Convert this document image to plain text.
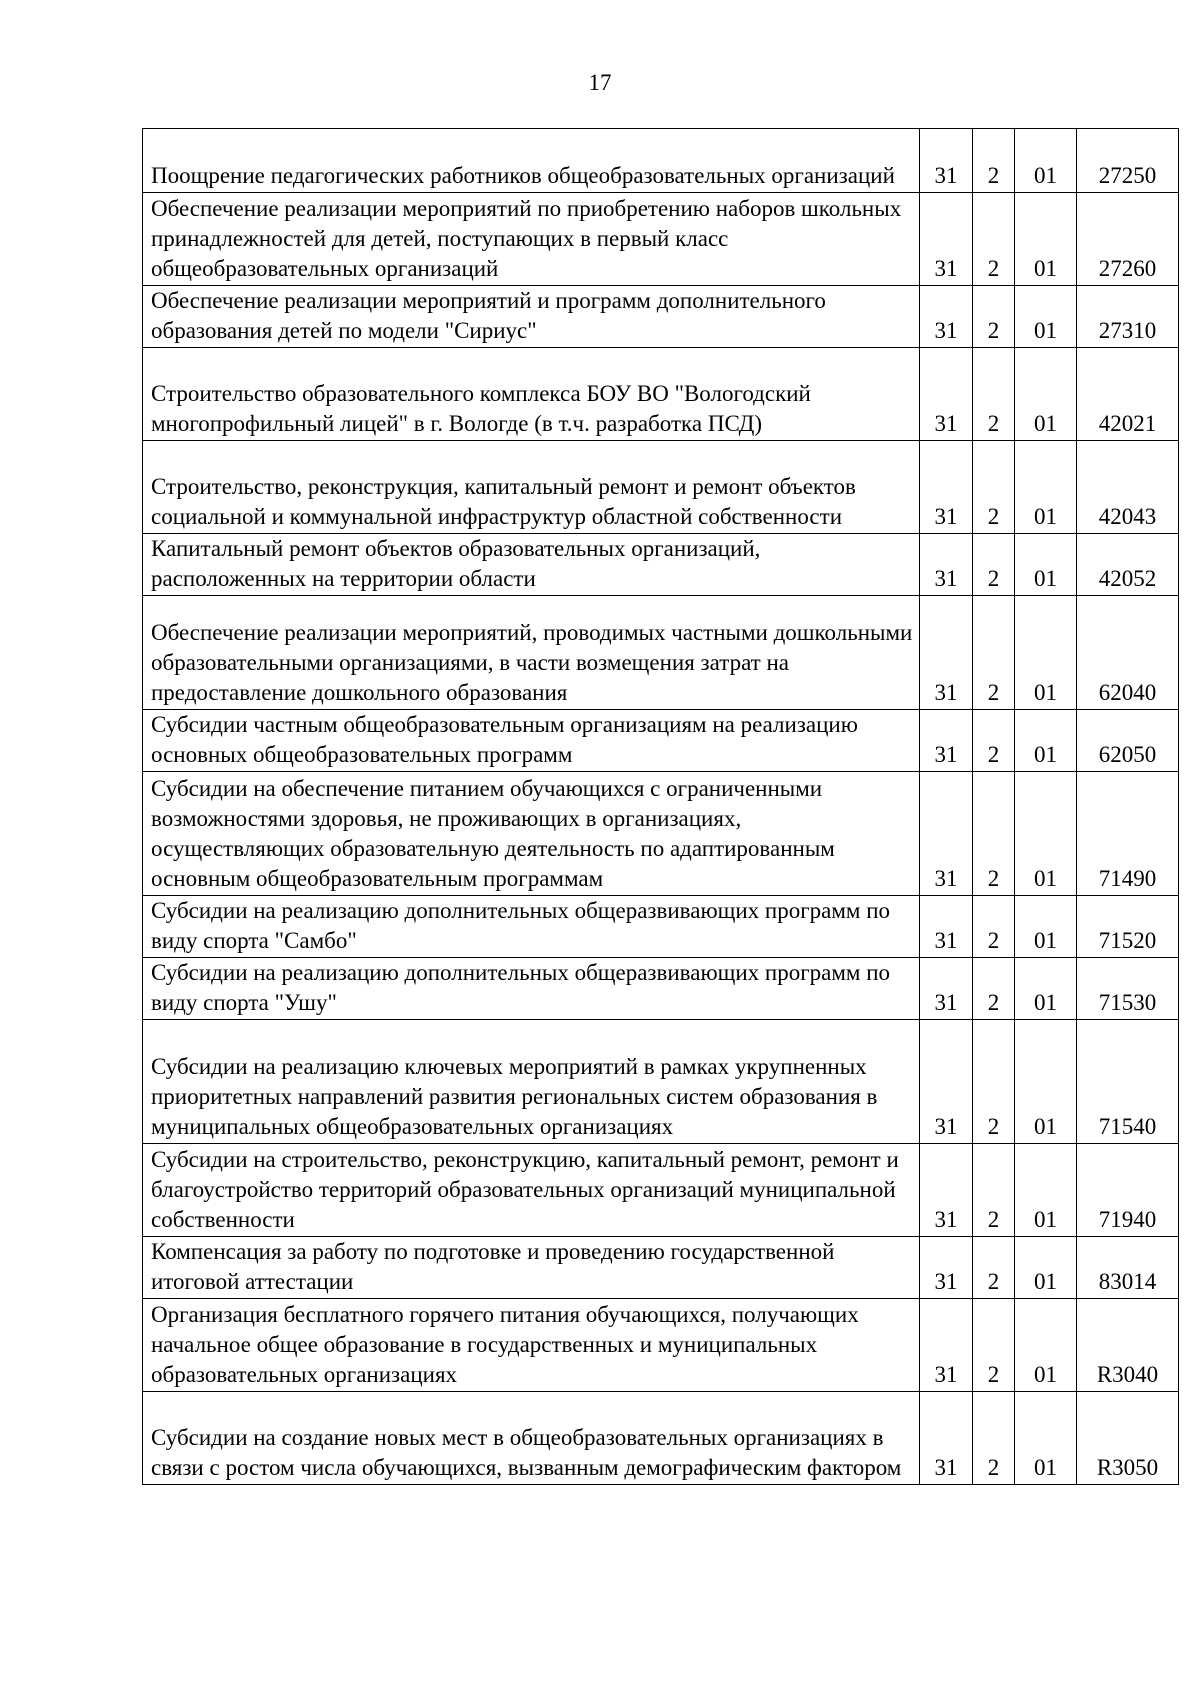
17
Поощрение педагогических работников общеобразовательных организаций	31	2	01	27250
Обеспечение реализации мероприятий по приобретению наборов школьных принадлежностей для детей, поступающих в первый класс общеобразовательных организаций	31	2	01	27260
Обеспечение реализации мероприятий и программ дополнительного образования детей по модели "Сириус"	31	2	01	27310
Строительство образовательного комплекса БОУ ВО "Вологодский многопрофильный лицей" в г. Вологде (в т.ч. разработка ПСД)	31	2	01	42021
Строительство, реконструкция, капитальный ремонт и ремонт объектов социальной и коммунальной инфраструктур областной собственности	31	2	01	42043
Капитальный ремонт объектов образовательных организаций, расположенных на территории области	31	2	01	42052
Обеспечение реализации мероприятий, проводимых частными дошкольными образовательными организациями, в части возмещения затрат на предоставление дошкольного образования	31	2	01	62040
Субсидии частным общеобразовательным организациям на реализацию основных общеобразовательных программ	31	2	01	62050
Субсидии на обеспечение питанием обучающихся с ограниченными возможностями здоровья, не проживающих в организациях, осуществляющих образовательную деятельность по адаптированным основным общеобразовательным программам	31	2	01	71490
Субсидии на реализацию дополнительных общеразвивающих программ по виду спорта "Самбо"	31	2	01	71520
Субсидии на реализацию дополнительных общеразвивающих программ по виду спорта "Ушу"	31	2	01	71530
Субсидии на реализацию ключевых мероприятий в рамках укрупненных приоритетных направлений развития региональных систем образования в муниципальных общеобразовательных организациях	31	2	01	71540
Субсидии на строительство, реконструкцию, капитальный ремонт, ремонт и благоустройство территорий образовательных организаций муниципальной собственности	31	2	01	71940
Компенсация за работу по подготовке и проведению государственной итоговой аттестации	31	2	01	83014
Организация бесплатного горячего питания обучающихся, получающих начальное общее образование в государственных и муниципальных образовательных организациях	31	2	01	R3040
Субсидии на создание новых мест в общеобразовательных организациях в связи с ростом числа обучающихся, вызванным демографическим фактором	31	2	01	R3050
